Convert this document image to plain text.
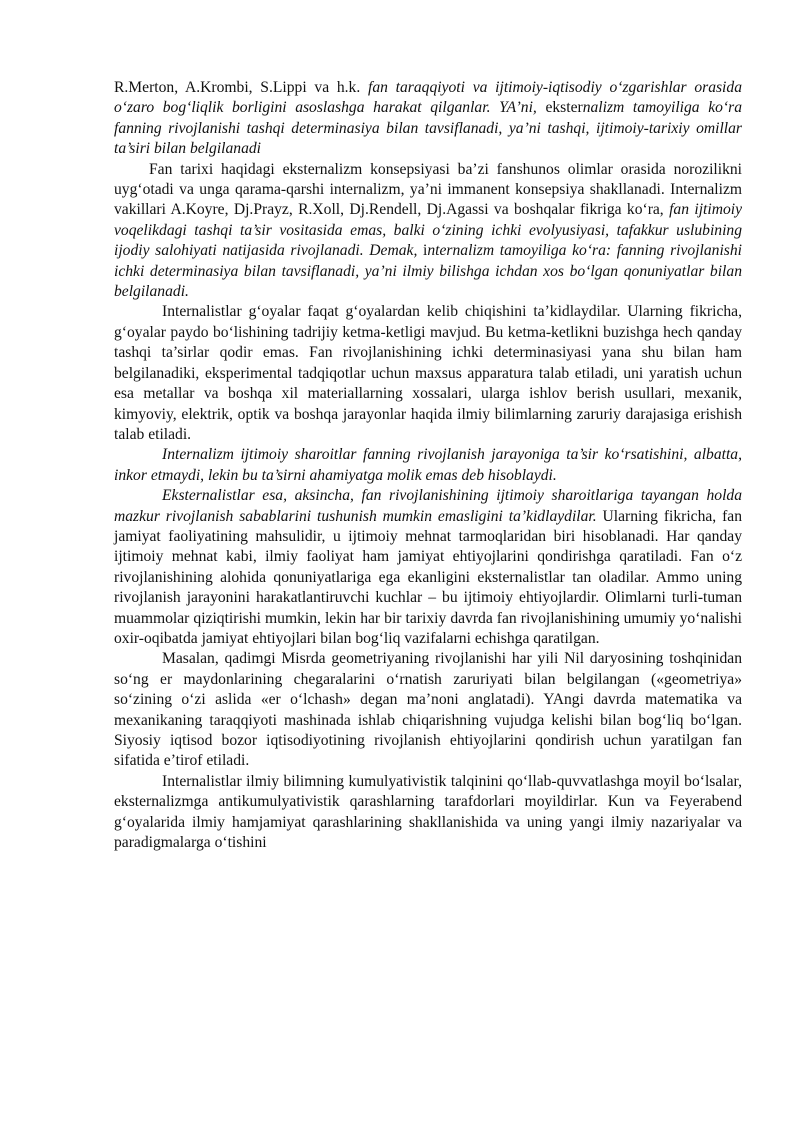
R.Merton, A.Krombi, S.Lippi va h.k. fan taraqqiyoti va ijtimoiy-iqtisodiy o‘zgarishlar orasida o‘zaro bog‘liqlik borligini asoslashga harakat qilganlar. YA’ni, eksternalizm tamoyiliga ko‘ra fanning rivojlanishi tashqi determinasiya bilan tavsiflanadi, ya’ni tashqi, ijtimoiy-tarixiy omillar ta’siri bilan belgilanadi

Fan tarixi haqidagi eksternalizm konsepsiyasi ba’zi fanshunos olimlar orasida norozilikni uyg‘otadi va unga qarama-qarshi internalizm, ya’ni immanent konsepsiya shakllanadi. Internalizm vakillari A.Koyre, Dj.Prayz, R.Xoll, Dj.Rendell, Dj.Agassi va boshqalar fikriga ko‘ra, fan ijtimoiy voqelikdagi tashqi ta’sir vositasida emas, balki o‘zining ichki evolyusiyasi, tafakkur uslubining ijodiy salohiyati natijasida rivojlanadi. Demak, internalizm tamoyiliga ko‘ra: fanning rivojlanishi ichki determinasiya bilan tavsiflanadi, ya’ni ilmiy bilishga ichdan xos bo‘lgan qonuniyatlar bilan belgilanadi.

Internalistlar g‘oyalar faqat g‘oyalardan kelib chiqishini ta’kidlaydilar. Ularning fikricha, g‘oyalar paydo bo‘lishining tadrijiy ketma-ketligi mavjud. Bu ketma-ketlikni buzishga hech qanday tashqi ta’sirlar qodir emas. Fan rivojlanishining ichki determinasiyasi yana shu bilan ham belgilanadiki, eksperimental tadqiqotlar uchun maxsus apparatura talab etiladi, uni yaratish uchun esa metallar va boshqa xil materiallarning xossalari, ularga ishlov berish usullari, mexanik, kimyoviy, elektrik, optik va boshqa jarayonlar haqida ilmiy bilimlarning zaruriy darajasiga erishish talab etiladi.

Internalizm ijtimoiy sharoitlar fanning rivojlanish jarayoniga ta’sir ko‘rsatishini, albatta, inkor etmaydi, lekin bu ta’sirni ahamiyatga molik emas deb hisoblaydi.

Eksternalistlar esa, aksincha, fan rivojlanishining ijtimoiy sharoitlariga tayangan holda mazkur rivojlanish sabablarini tushunish mumkin emasligini ta’kidlaydilar. Ularning fikricha, fan jamiyat faoliyatining mahsulidir, u ijtimoiy mehnat tarmoqlaridan biri hisoblanadi. Har qanday ijtimoiy mehnat kabi, ilmiy faoliyat ham jamiyat ehtiyojlarini qondirishga qaratiladi. Fan o‘z rivojlanishining alohida qonuniyatlariga ega ekanligini eksternalistlar tan oladilar. Ammo uning rivojlanish jarayonini harakatlantiruvchi kuchlar – bu ijtimoiy ehtiyojlardir. Olimlarni turli-tuman muammolar qiziqtirishi mumkin, lekin har bir tarixiy davrda fan rivojlanishining umumiy yo‘nalishi oxir-oqibatda jamiyat ehtiyojlari bilan bog‘liq vazifalarni echishga qaratilgan.

Masalan, qadimgi Misrda geometriyaning rivojlanishi har yili Nil daryosining toshqinidan so‘ng er maydonlarining chegaralarini o‘rnatish zaruriyati bilan belgilangan («geometriya» so‘zining o‘zi aslida «er o‘lchash» degan ma’noni anglatadi). YAngi davrda matematika va mexanikaning taraqqiyoti mashinada ishlab chiqarishning vujudga kelishi bilan bog‘liq bo‘lgan. Siyosiy iqtisod bozor iqtisodiyotining rivojlanish ehtiyojlarini qondirish uchun yaratilgan fan sifatida e’tirof etiladi.

Internalistlar ilmiy bilimning kumulyativistik talqinini qo‘llab-quvvatlashga moyil bo‘lsalar, eksternalizmga antikumulyativistik qarashlarning tarafdorlari moyildirlar. Kun va Feyerabend g‘oyalarida ilmiy hamjamiyat qarashlarining shakllanishida va uning yangi ilmiy nazariyalar va paradigmalarga o‘tishini
